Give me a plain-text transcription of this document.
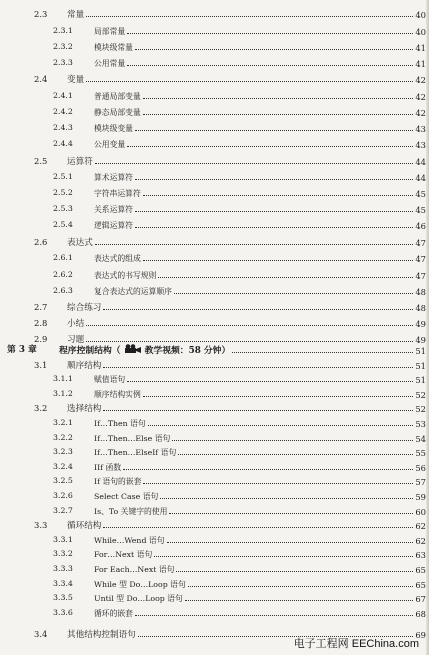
2.3 常量	40
2.3.1	局部常量	40
2.3.2	模块级常量	41
2.3.3	公用常量	41
2.4 变量	42
2.4.1	普通局部变量	42
2.4.2	静态局部变量	42
2.4.3	模块级变量	43
2.4.4	公用变量	43
2.5 运算符	44
2.5.1	算术运算符	44
2.5.2	字符串运算符	45
2.5.3	关系运算符	45
2.5.4	逻辑运算符	46
2.6 表达式	47
2.6.1	表达式的组成	47
2.6.2	表达式的书写规则	47
2.6.3	复合表达式的运算顺序	48
2.7 综合练习	48
2.8 小结	49
2.9 习题	49
第 3 章	程序控制结构（	教学视频：58 分钟）	51
3.1 顺序结构	51
3.1.1	赋值语句	51
3.1.2	顺序结构实例	52
3.2 选择结构	52
3.2.1	If…Then 语句	53
3.2.2	If…Then…Else 语句	54
3.2.3	If…Then…ElseIf 语句	55
3.2.4	IIf 函数	56
3.2.5	If 语句的嵌套	57
3.2.6	Select Case 语句	59
3.2.7	Is、To 关键字的使用	60
3.3 循环结构	62
3.3.1	While…Wend 语句	62
3.3.2	For…Next 语句	63
3.3.3	For Each…Next 语句	65
3.3.4	While 型 Do…Loop 语句	65
3.3.5	Until 型 Do…Loop 语句	67
3.3.6	循环的嵌套	68
3.4 其他结构控制语句	69
电子工程网 EEChina.com
